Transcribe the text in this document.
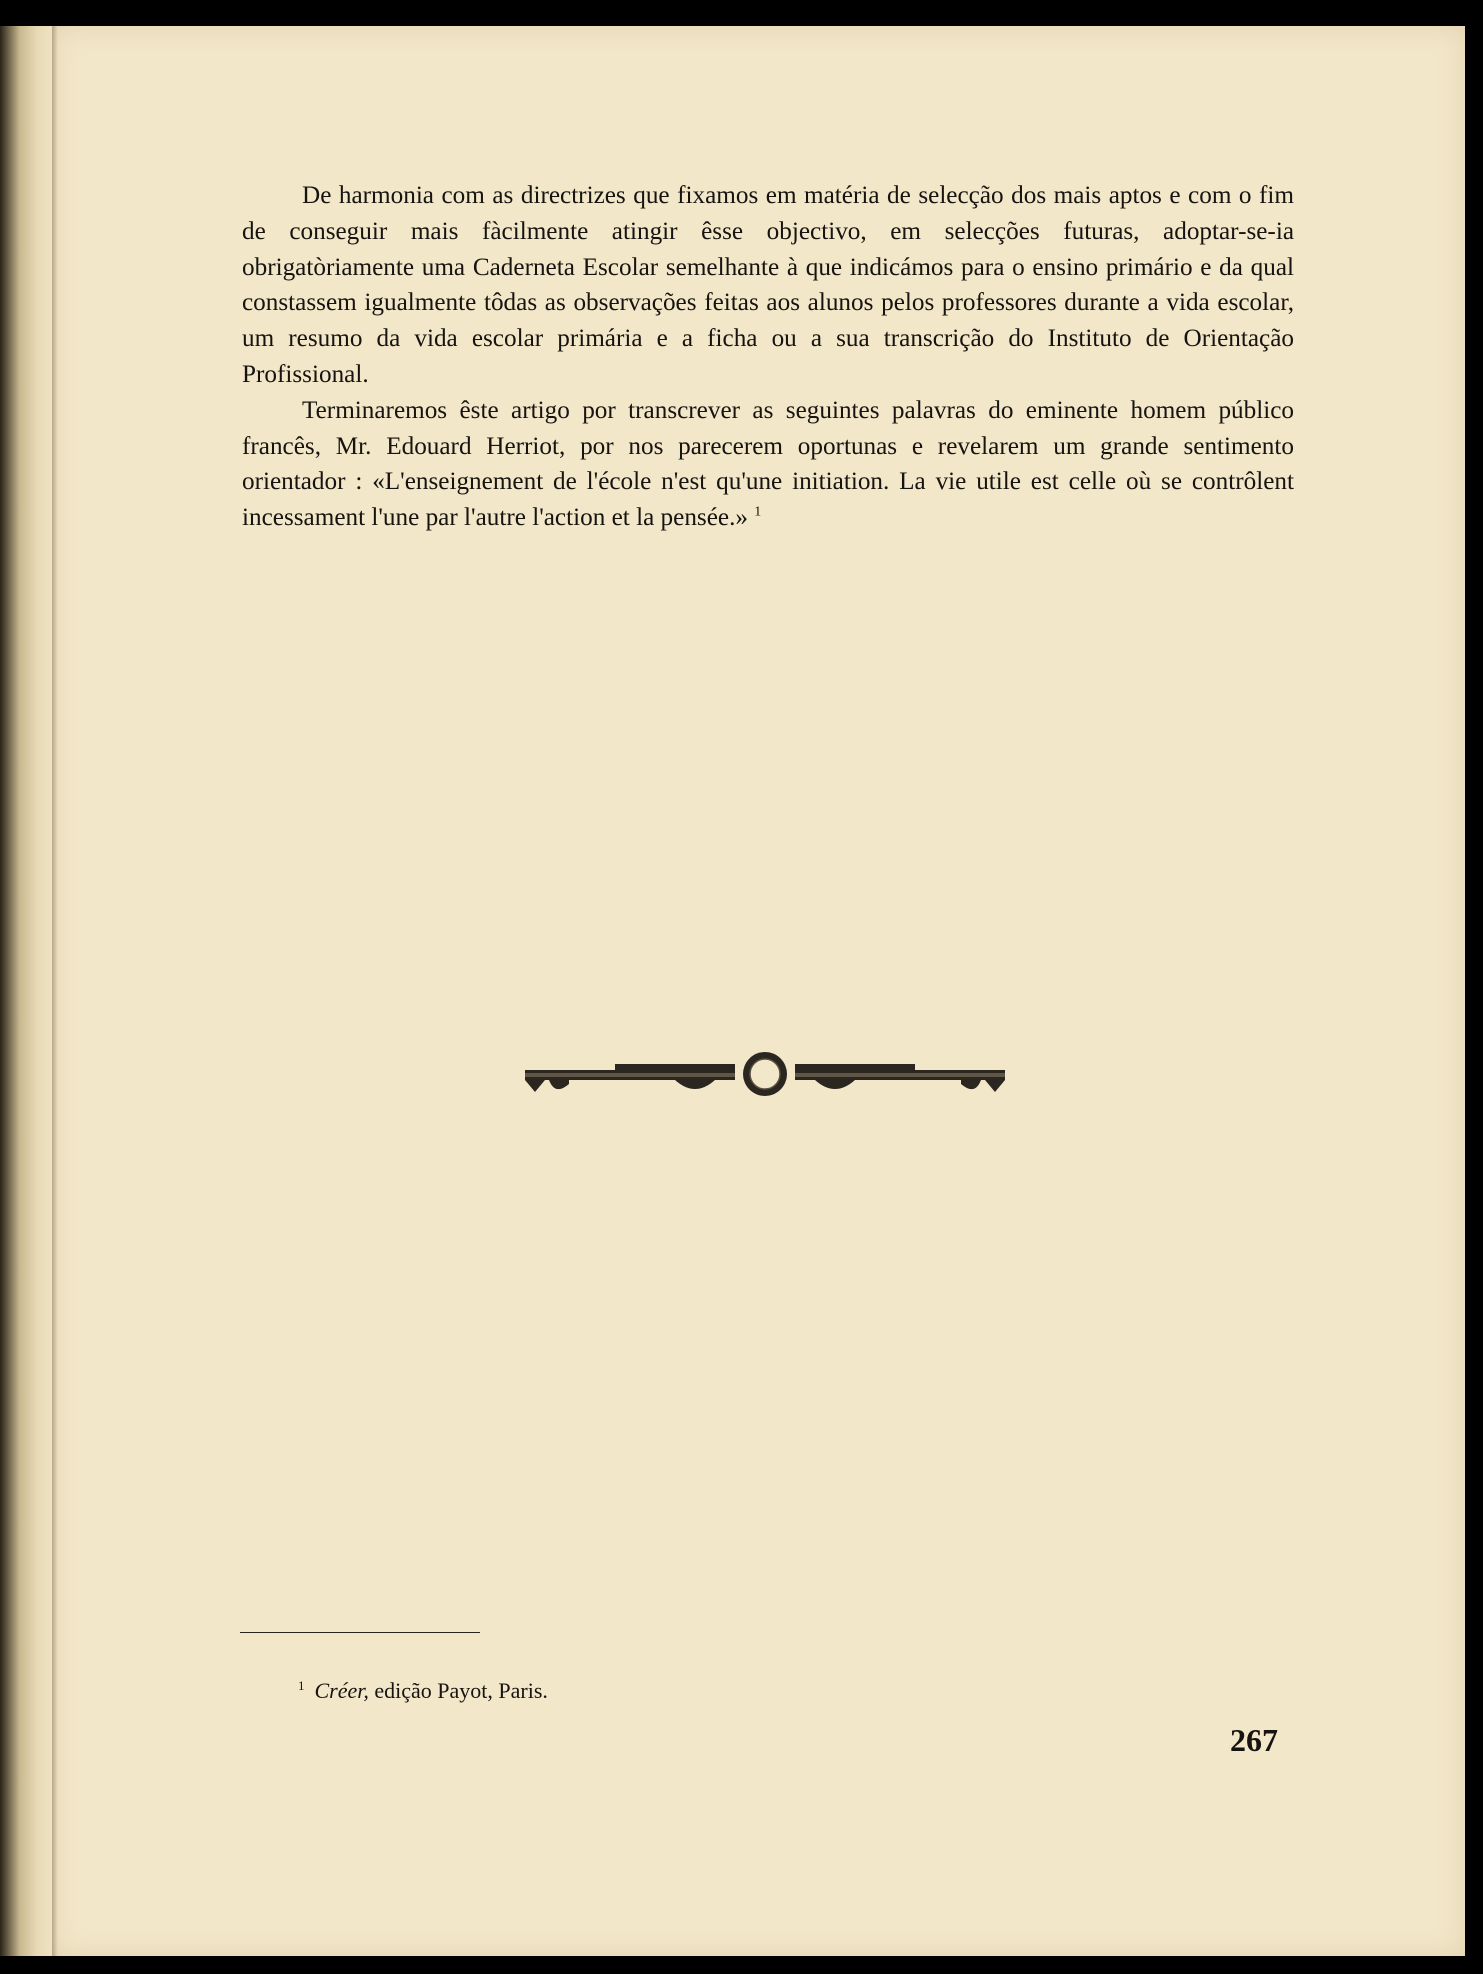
De harmonia com as directrizes que fixamos em matéria de selecção dos mais aptos e com o fim de conseguir mais fàcilmente atingir êsse objectivo, em selecções futuras, adoptar-se-ia obrigatòriamente uma Caderneta Escolar semelhante à que indicámos para o ensino primário e da qual constassem igualmente tôdas as observações feitas aos alunos pelos professores durante a vida escolar, um resumo da vida escolar primária e a ficha ou a sua transcrição do Instituto de Orientação Profissional.

Terminaremos êste artigo por transcrever as seguintes palavras do eminente homem público francês, Mr. Edouard Herriot, por nos parecerem oportunas e revelarem um grande sentimento orientador : «L'enseignement de l'école n'est qu'une initiation. La vie utile est celle où se contrôlent incessament l'une par l'autre l'action et la pensée.» $^1$

$^1$ Créer, edição Payot, Paris.
267
